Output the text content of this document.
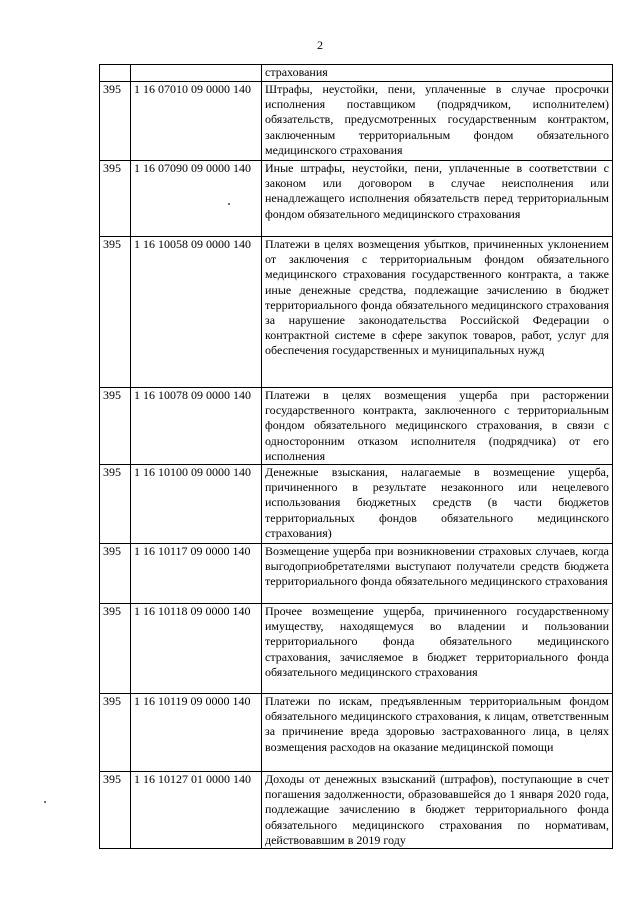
2
		страхования
395	1 16 07010 09 0000 140	Штрафы, неустойки, пени, уплаченные в случае просрочки исполнения поставщиком (подрядчиком, исполнителем) обязательств, предусмотренных государственным контрактом, заключенным территориальным фондом обязательного медицинского страхования
395	1 16 07090 09 0000 140	Иные штрафы, неустойки, пени, уплаченные в соответствии с законом или договором в случае неисполнения или ненадлежащего исполнения обязательств перед территориальным фондом обязательного медицинского страхования
395	1 16 10058 09 0000 140	Платежи в целях возмещения убытков, причиненных уклонением от заключения с территориальным фондом обязательного медицинского страхования государственного контракта, а также иные денежные средства, подлежащие зачислению в бюджет территориального фонда обязательного медицинского страхования за нарушение законодательства Российской Федерации о контрактной системе в сфере закупок товаров, работ, услуг для обеспечения государственных и муниципальных нужд
395	1 16 10078 09 0000 140	Платежи в целях возмещения ущерба при расторжении государственного контракта, заключенного с территориальным фондом обязательного медицинского страхования, в связи с односторонним отказом исполнителя (подрядчика) от его исполнения
395	1 16 10100 09 0000 140	Денежные взыскания, налагаемые в возмещение ущерба, причиненного в результате незаконного или нецелевого использования бюджетных средств (в части бюджетов территориальных фондов обязательного медицинского страхования)
395	1 16 10117 09 0000 140	Возмещение ущерба при возникновении страховых случаев, когда выгодоприобретателями выступают получатели средств бюджета территориального фонда обязательного медицинского страхования
395	1 16 10118 09 0000 140	Прочее возмещение ущерба, причиненного государственному имуществу, находящемуся во владении и пользовании территориального фонда обязательного медицинского страхования, зачисляемое в бюджет территориального фонда обязательного медицинского страхования
395	1 16 10119 09 0000 140	Платежи по искам, предъявленным территориальным фондом обязательного медицинского страхования, к лицам, ответственным за причинение вреда здоровью застрахованного лица, в целях возмещения расходов на оказание медицинской помощи
395	1 16 10127 01 0000 140	Доходы от денежных взысканий (штрафов), поступающие в счет погашения задолженности, образовавшейся до 1 января 2020 года, подлежащие зачислению в бюджет территориального фонда обязательного медицинского страхования по нормативам, действовавшим в 2019 году
